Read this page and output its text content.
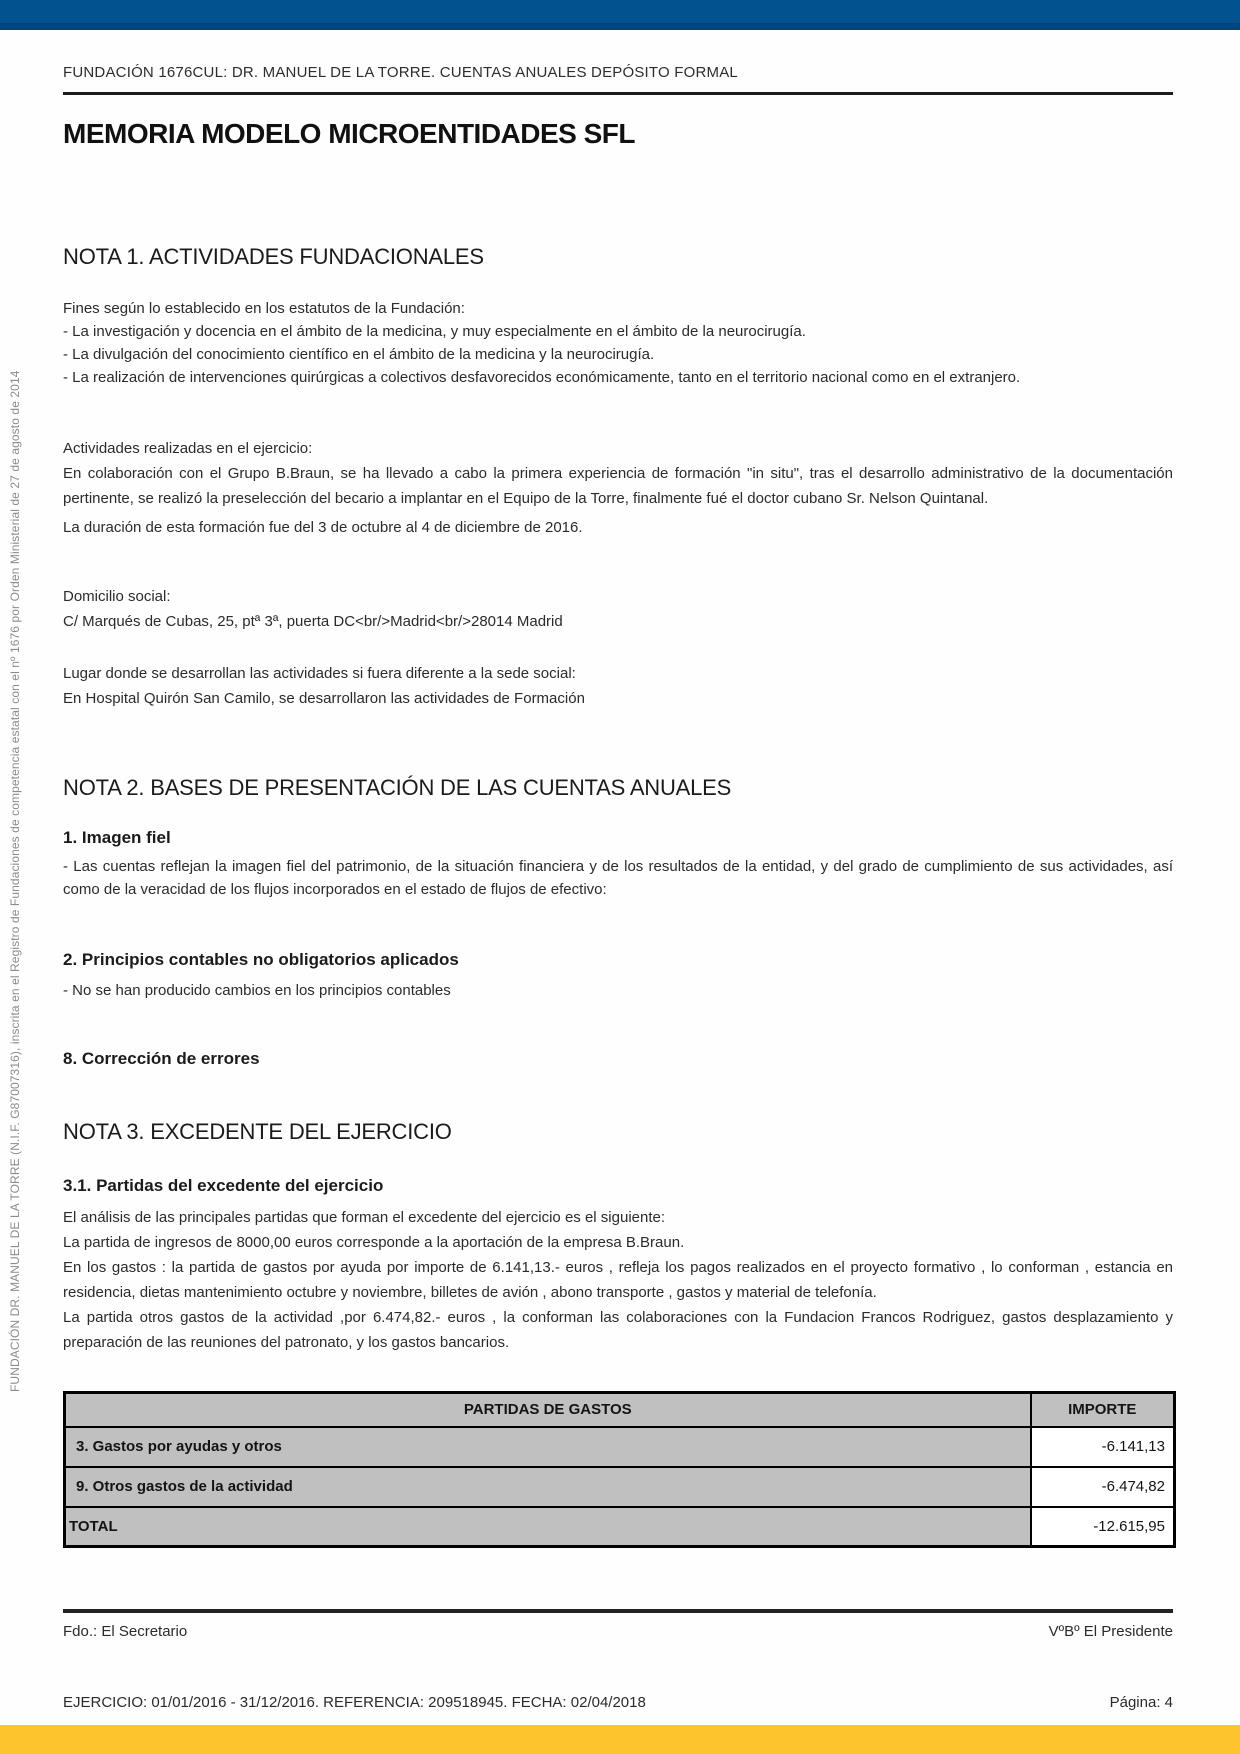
FUNDACIÓN DR. MANUEL DE LA TORRE (N.I.F. G87007316), inscrita en el Registro de Fundaciones de competencia estatal con el nº 1676 por Orden Ministerial de 27 de agosto de 2014
FUNDACIÓN 1676CUL: DR. MANUEL DE LA TORRE. CUENTAS ANUALES DEPÓSITO FORMAL
MEMORIA MODELO MICROENTIDADES SFL
NOTA 1. ACTIVIDADES FUNDACIONALES

Fines según lo establecido en los estatutos de la Fundación:

- La investigación y docencia en el ámbito de la medicina, y muy especialmente en el ámbito de la neurocirugía.

- La divulgación del conocimiento científico en el ámbito de la medicina y la neurocirugía.

- La realización de intervenciones quirúrgicas a colectivos desfavorecidos económicamente, tanto en el territorio nacional como en el extranjero.

Actividades realizadas en el ejercicio:

En colaboración con el Grupo B.Braun, se ha llevado a cabo la primera experiencia de formación "in situ", tras el desarrollo administrativo de la documentación pertinente, se realizó la preselección del becario a implantar en el Equipo de la Torre, finalmente fué el doctor cubano Sr. Nelson Quintanal.

La duración de esta formación fue del 3 de octubre al 4 de diciembre de 2016.

Domicilio social:

C/ Marqués de Cubas, 25, ptª 3ª, puerta DC<br/>Madrid<br/>28014 Madrid

Lugar donde se desarrollan las actividades si fuera diferente a la sede social:

En Hospital Quirón San Camilo, se desarrollaron las actividades de Formación

NOTA 2. BASES DE PRESENTACIÓN DE LAS CUENTAS ANUALES
1. Imagen fiel

- Las cuentas reflejan la imagen fiel del patrimonio, de la situación financiera y de los resultados de la entidad, y del grado de cumplimiento de sus actividades, así como de la veracidad de los flujos incorporados en el estado de flujos de efectivo:

2. Principios contables no obligatorios aplicados

- No se han producido cambios en los principios contables

8. Corrección de errores
NOTA 3. EXCEDENTE DEL EJERCICIO
3.1. Partidas del excedente del ejercicio

El análisis de las principales partidas que forman el excedente del ejercicio es el siguiente:

La partida de ingresos de 8000,00 euros corresponde a la aportación de la empresa B.Braun.

En los gastos : la partida de gastos por ayuda por importe de 6.141,13.- euros , refleja los pagos realizados en el proyecto formativo , lo conforman , estancia en residencia, dietas mantenimiento octubre y noviembre, billetes de avión , abono transporte , gastos y material de telefonía.

La partida otros gastos de la actividad ,por 6.474,82.- euros , la conforman las colaboraciones con la Fundacion Francos Rodriguez, gastos desplazamiento y preparación de las reuniones del patronato, y los gastos bancarios.

PARTIDAS DE GASTOS	IMPORTE
3. Gastos por ayudas y otros	-6.141,13
9. Otros gastos de la actividad	-6.474,82
TOTAL	-12.615,95
Fdo.: El Secretario	VºBº El Presidente
EJERCICIO: 01/01/2016 - 31/12/2016. REFERENCIA: 209518945. FECHA: 02/04/2018	Página: 4
